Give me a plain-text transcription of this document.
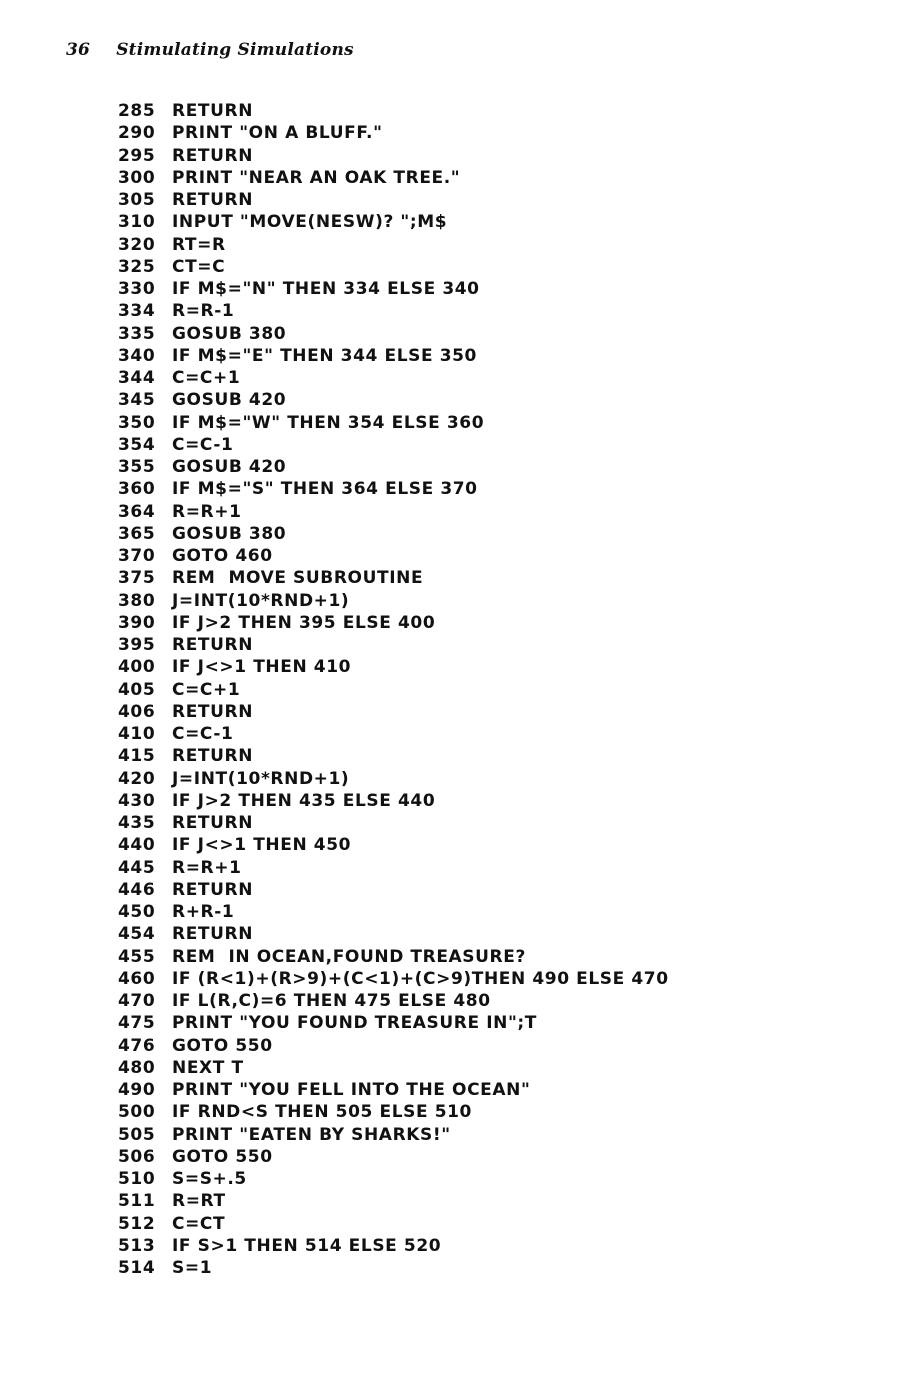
36 Stimulating Simulations
285 RETURN
290 PRINT "ON A BLUFF."
295 RETURN
300 PRINT "NEAR AN OAK TREE."
305 RETURN
310 INPUT "MOVE(NESW)? ";M$
320 RT=R
325 CT=C
330 IF M$="N" THEN 334 ELSE 340
334 R=R-1
335 GOSUB 380
340 IF M$="E" THEN 344 ELSE 350
344 C=C+1
345 GOSUB 420
350 IF M$="W" THEN 354 ELSE 360
354 C=C-1
355 GOSUB 420
360 IF M$="S" THEN 364 ELSE 370
364 R=R+1
365 GOSUB 380
370 GOTO 460
375 REM  MOVE SUBROUTINE
380 J=INT(10*RND+1)
390 IF J>2 THEN 395 ELSE 400
395 RETURN
400 IF J<>1 THEN 410
405 C=C+1
406 RETURN
410 C=C-1
415 RETURN
420 J=INT(10*RND+1)
430 IF J>2 THEN 435 ELSE 440
435 RETURN
440 IF J<>1 THEN 450
445 R=R+1
446 RETURN
450 R+R-1
454 RETURN
455 REM  IN OCEAN,FOUND TREASURE?
460 IF (R<1)+(R>9)+(C<1)+(C>9)THEN 490 ELSE 470
470 IF L(R,C)=6 THEN 475 ELSE 480
475 PRINT "YOU FOUND TREASURE IN";T
476 GOTO 550
480 NEXT T
490 PRINT "YOU FELL INTO THE OCEAN"
500 IF RND<S THEN 505 ELSE 510
505 PRINT "EATEN BY SHARKS!"
506 GOTO 550
510 S=S+.5
511 R=RT
512 C=CT
513 IF S>1 THEN 514 ELSE 520
514 S=1
